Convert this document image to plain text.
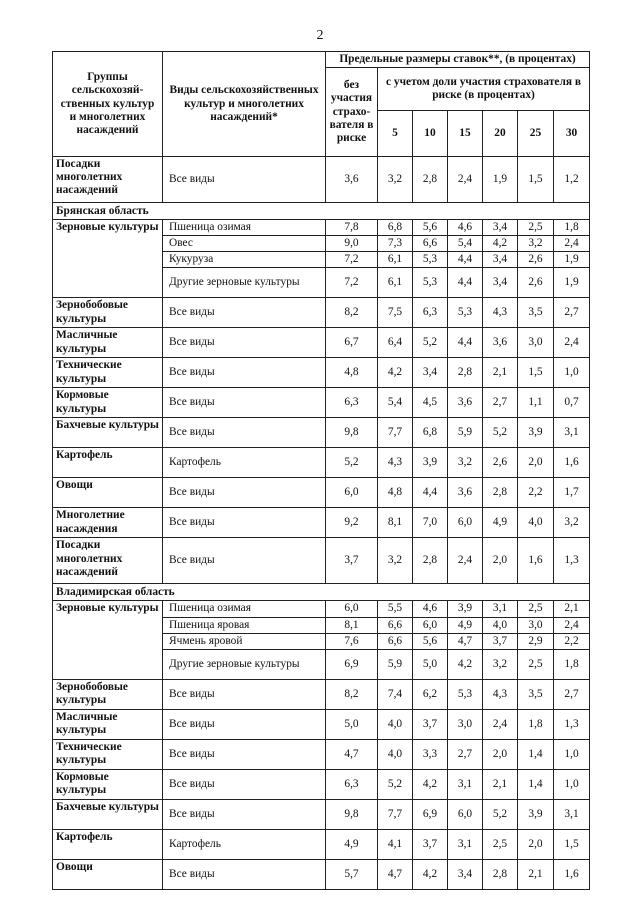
2
Группы сельскохозяй-ственных культур и многолетних насаждений	Виды сельскохозяйственных культур и многолетних насаждений*	Предельные размеры ставок**, (в процентах)						
		без участия страхо-вателя в риске	с учетом доли участия страхователя в риске (в процентах)					
			5	10	15	20	25	30
Посадки многолетних насаждений	Все виды	3,6	3,2	2,8	2,4	1,9	1,5	1,2
Брянская область								
Зерновые культуры	Пшеница озимая	7,8	6,8	5,6	4,6	3,4	2,5	1,8
	Овес	9,0	7,3	6,6	5,4	4,2	3,2	2,4
	Кукуруза	7,2	6,1	5,3	4,4	3,4	2,6	1,9
	Другие зерновые культуры	7,2	6,1	5,3	4,4	3,4	2,6	1,9
Зернобобовые культуры	Все виды	8,2	7,5	6,3	5,3	4,3	3,5	2,7
Масличные культуры	Все виды	6,7	6,4	5,2	4,4	3,6	3,0	2,4
Технические культуры	Все виды	4,8	4,2	3,4	2,8	2,1	1,5	1,0
Кормовые культуры	Все виды	6,3	5,4	4,5	3,6	2,7	1,1	0,7
Бахчевые культуры	Все виды	9,8	7,7	6,8	5,9	5,2	3,9	3,1
Картофель	Картофель	5,2	4,3	3,9	3,2	2,6	2,0	1,6
Овощи	Все виды	6,0	4,8	4,4	3,6	2,8	2,2	1,7
Многолетние насаждения	Все виды	9,2	8,1	7,0	6,0	4,9	4,0	3,2
Посадки многолетних насаждений	Все виды	3,7	3,2	2,8	2,4	2,0	1,6	1,3
Владимирская область								
Зерновые культуры	Пшеница озимая	6,0	5,5	4,6	3,9	3,1	2,5	2,1
	Пшеница яровая	8,1	6,6	6,0	4,9	4,0	3,0	2,4
	Ячмень яровой	7,6	6,6	5,6	4,7	3,7	2,9	2,2
	Другие зерновые культуры	6,9	5,9	5,0	4,2	3,2	2,5	1,8
Зернобобовые культуры	Все виды	8,2	7,4	6,2	5,3	4,3	3,5	2,7
Масличные культуры	Все виды	5,0	4,0	3,7	3,0	2,4	1,8	1,3
Технические культуры	Все виды	4,7	4,0	3,3	2,7	2,0	1,4	1,0
Кормовые культуры	Все виды	6,3	5,2	4,2	3,1	2,1	1,4	1,0
Бахчевые культуры	Все виды	9,8	7,7	6,9	6,0	5,2	3,9	3,1
Картофель	Картофель	4,9	4,1	3,7	3,1	2,5	2,0	1,5
Овощи	Все виды	5,7	4,7	4,2	3,4	2,8	2,1	1,6
